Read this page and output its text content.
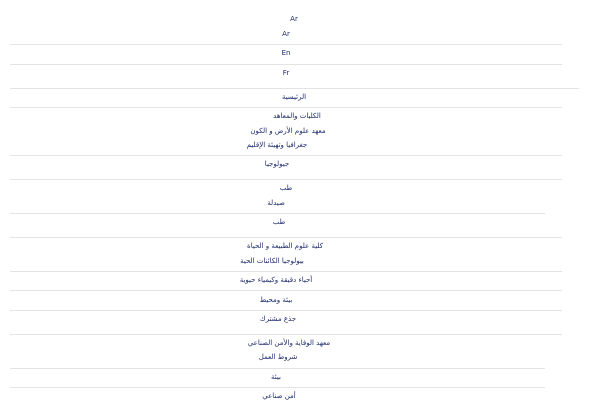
Ar
Ar
En
Fr
الرئيسية
الكليات والمعاهد
معهد علوم الأرض و الكون
جغرافيا وتهيئة الإقليم
جيولوجيا
طب
صيدلة
طب
كلية علوم الطبيعة و الحياة
بيولوجيا الكائنات الحية
أحياء دقيقة وكيمياء حيوية
بيئة ومحيط
جذع مشترك
معهد الوقاية والأمن الصناعي
شروط العمل
بيئة
أمن صناعي
